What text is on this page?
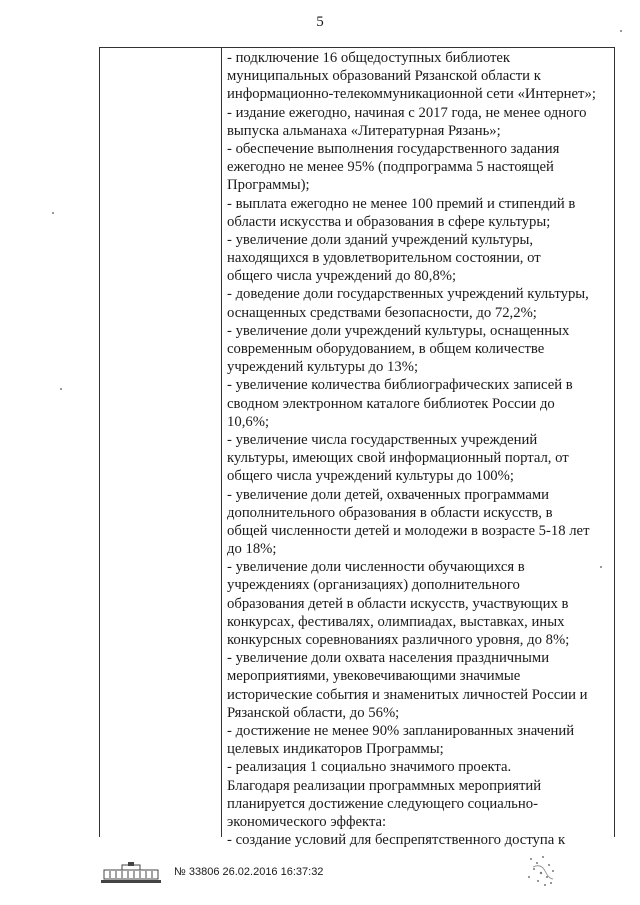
5
- подключение 16 общедоступных библиотек
муниципальных образований Рязанской области к
информационно-телекоммуникационной сети «Интернет»;
- издание ежегодно, начиная с 2017 года, не менее одного
выпуска альманаха «Литературная Рязань»;
- обеспечение выполнения государственного задания
ежегодно не менее 95% (подпрограмма 5 настоящей
Программы);
- выплата ежегодно не менее 100 премий и стипендий в
области искусства и образования в сфере культуры;
- увеличение доли зданий учреждений культуры,
находящихся в удовлетворительном состоянии, от
общего числа учреждений до 80,8%;
- доведение доли государственных учреждений культуры,
оснащенных средствами безопасности, до 72,2%;
- увеличение доли учреждений культуры, оснащенных
современным оборудованием, в общем количестве
учреждений культуры до 13%;
- увеличение количества библиографических записей в
сводном электронном каталоге библиотек России до
10,6%;
- увеличение числа государственных учреждений
культуры, имеющих свой информационный портал, от
общего числа учреждений культуры до 100%;
- увеличение доли детей, охваченных программами
дополнительного образования в области искусств, в
общей численности детей и молодежи в возрасте 5-18 лет
до 18%;
- увеличение доли численности обучающихся в
учреждениях (организациях) дополнительного
образования детей в области искусств, участвующих в
конкурсах, фестивалях, олимпиадах, выставках, иных
конкурсных соревнованиях различного уровня, до 8%;
- увеличение доли охвата населения праздничными
мероприятиями, увековечивающими значимые
исторические события и знаменитых личностей России и
Рязанской области, до 56%;
- достижение не менее 90% запланированных значений
целевых индикаторов Программы;
- реализация 1 социально значимого проекта.
Благодаря реализации программных мероприятий
планируется достижение следующего социально-
экономического эффекта:
- создание условий для беспрепятственного доступа к
№ 33806 26.02.2016 16:37:32
